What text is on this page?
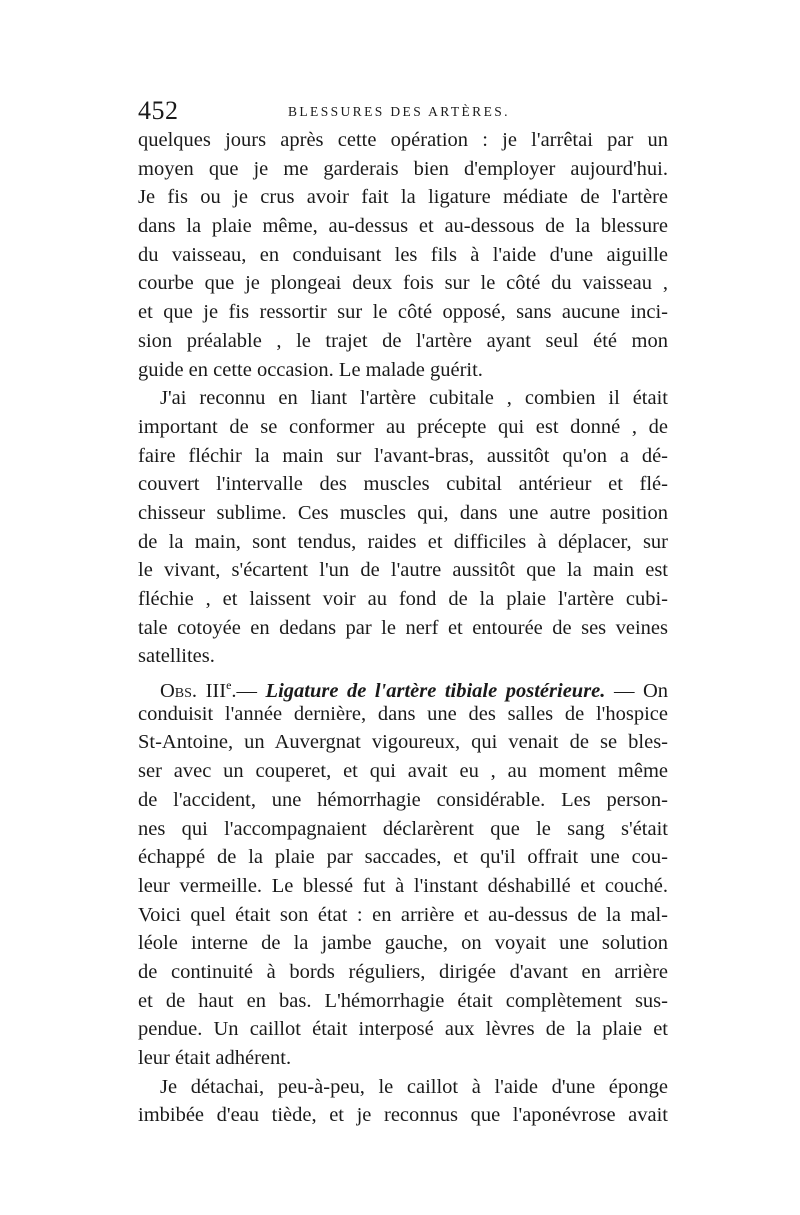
452	BLESSURES DES ARTÈRES.
quelques jours après cette opération : je l'arrêtai par un
moyen que je me garderais bien d'employer aujourd'hui.
Je fis ou je crus avoir fait la ligature médiate de l'artère
dans la plaie même, au-dessus et au-dessous de la blessure
du vaisseau, en conduisant les fils à l'aide d'une aiguille
courbe que je plongeai deux fois sur le côté du vaisseau ,
et que je fis ressortir sur le côté opposé, sans aucune inci-
sion préalable , le trajet de l'artère ayant seul été mon
guide en cette occasion. Le malade guérit.
J'ai reconnu en liant l'artère cubitale , combien il était
important de se conformer au précepte qui est donné , de
faire fléchir la main sur l'avant-bras, aussitôt qu'on a dé-
couvert l'intervalle des muscles cubital antérieur et flé-
chisseur sublime. Ces muscles qui, dans une autre position
de la main, sont tendus, raides et difficiles à déplacer, sur
le vivant, s'écartent l'un de l'autre aussitôt que la main est
fléchie , et laissent voir au fond de la plaie l'artère cubi-
tale cotoyée en dedans par le nerf et entourée de ses veines
satellites.
Obs. IIIe.— Ligature de l'artère tibiale postérieure. — On
conduisit l'année dernière, dans une des salles de l'hospice
St-Antoine, un Auvergnat vigoureux, qui venait de se bles-
ser avec un couperet, et qui avait eu , au moment même
de l'accident, une hémorrhagie considérable. Les person-
nes qui l'accompagnaient déclarèrent que le sang s'était
échappé de la plaie par saccades, et qu'il offrait une cou-
leur vermeille. Le blessé fut à l'instant déshabillé et couché.
Voici quel était son état : en arrière et au-dessus de la mal-
léole interne de la jambe gauche, on voyait une solution
de continuité à bords réguliers, dirigée d'avant en arrière
et de haut en bas. L'hémorrhagie était complètement sus-
pendue. Un caillot était interposé aux lèvres de la plaie et
leur était adhérent.
Je détachai, peu-à-peu, le caillot à l'aide d'une éponge
imbibée d'eau tiède, et je reconnus que l'aponévrose avait
